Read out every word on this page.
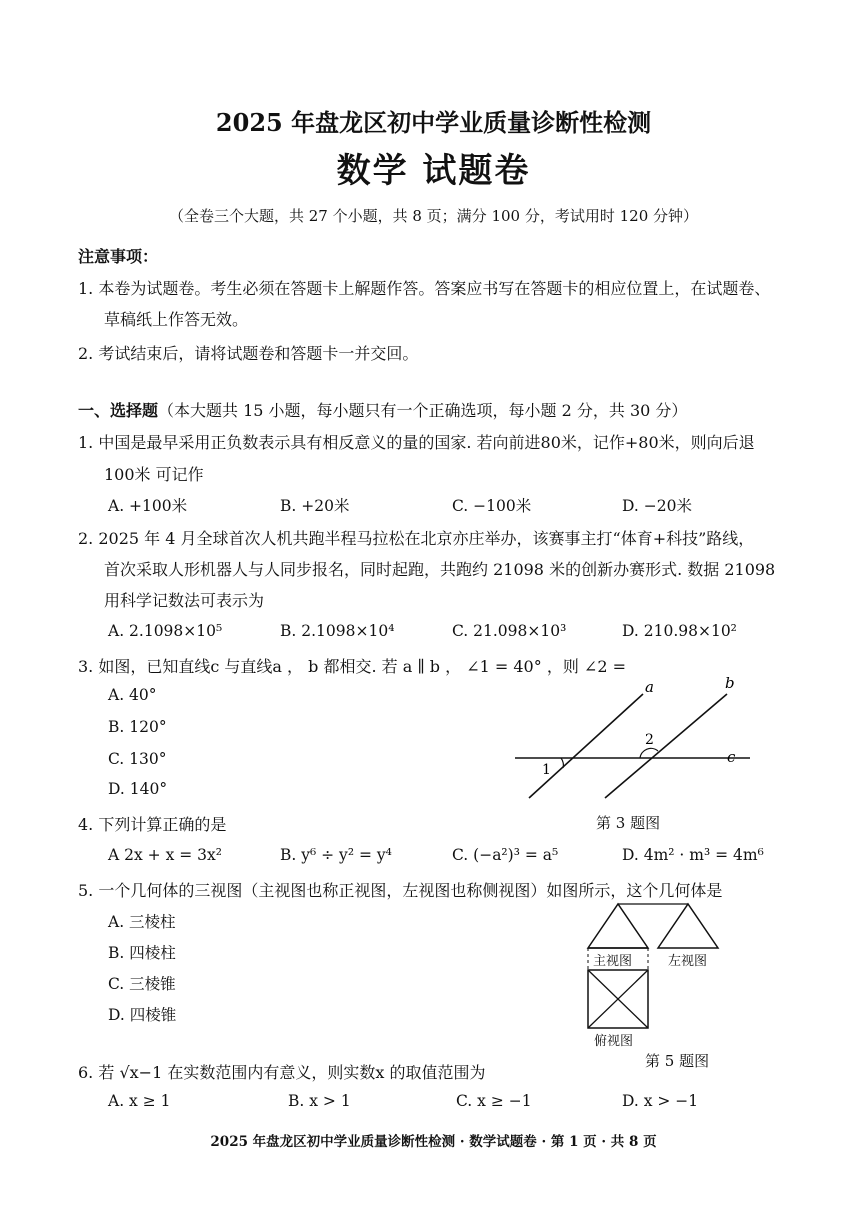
2025 年盘龙区初中学业质量诊断性检测
数学 试题卷
（全卷三个大题，共 27 个小题，共 8 页；满分 100 分，考试用时 120 分钟）
注意事项：
1. 本卷为试题卷。考生必须在答题卡上解题作答。答案应书写在答题卡的相应位置上，在试题卷、
草稿纸上作答无效。
2. 考试结束后，请将试题卷和答题卡一并交回。
一、选择题（本大题共 15 小题，每小题只有一个正确选项，每小题 2 分，共 30 分）
1. 中国是最早采用正负数表示具有相反意义的量的国家. 若向前进80米，记作+80米，则向后退
100米 可记作
A. +100米	B. +20米	C. −100米	D. −20米
2. 2025 年 4 月全球首次人机共跑半程马拉松在北京亦庄举办，该赛事主打“体育+科技”路线，
首次采取人形机器人与人同步报名，同时起跑，共跑约 21098 米的创新办赛形式. 数据 21098
用科学记数法可表示为
A. 2.1098×10⁵	B. 2.1098×10⁴	C. 21.098×10³	D. 210.98×10²
3. 如图，已知直线c 与直线a ， b 都相交. 若 a ∥ b ， ∠1 = 40° ，则 ∠2 =
A. 40°
B. 120°
C. 130°
D. 140°
a	b
c
1
2
第 3 题图
4. 下列计算正确的是
A 2x + x = 3x²	B. y⁶ ÷ y² = y⁴	C. (−a²)³ = a⁵	D. 4m² · m³ = 4m⁶
5. 一个几何体的三视图（主视图也称正视图，左视图也称侧视图）如图所示，这个几何体是
A. 三棱柱
B. 四棱柱
C. 三棱锥
D. 四棱锥
主视图	左视图
俯视图
第 5 题图
6. 若 √x−1 在实数范围内有意义，则实数x 的取值范围为
A. x ≥ 1	B. x > 1	C. x ≥ −1	D. x > −1
2025 年盘龙区初中学业质量诊断性检测 · 数学试题卷 · 第 1 页 · 共 8 页
